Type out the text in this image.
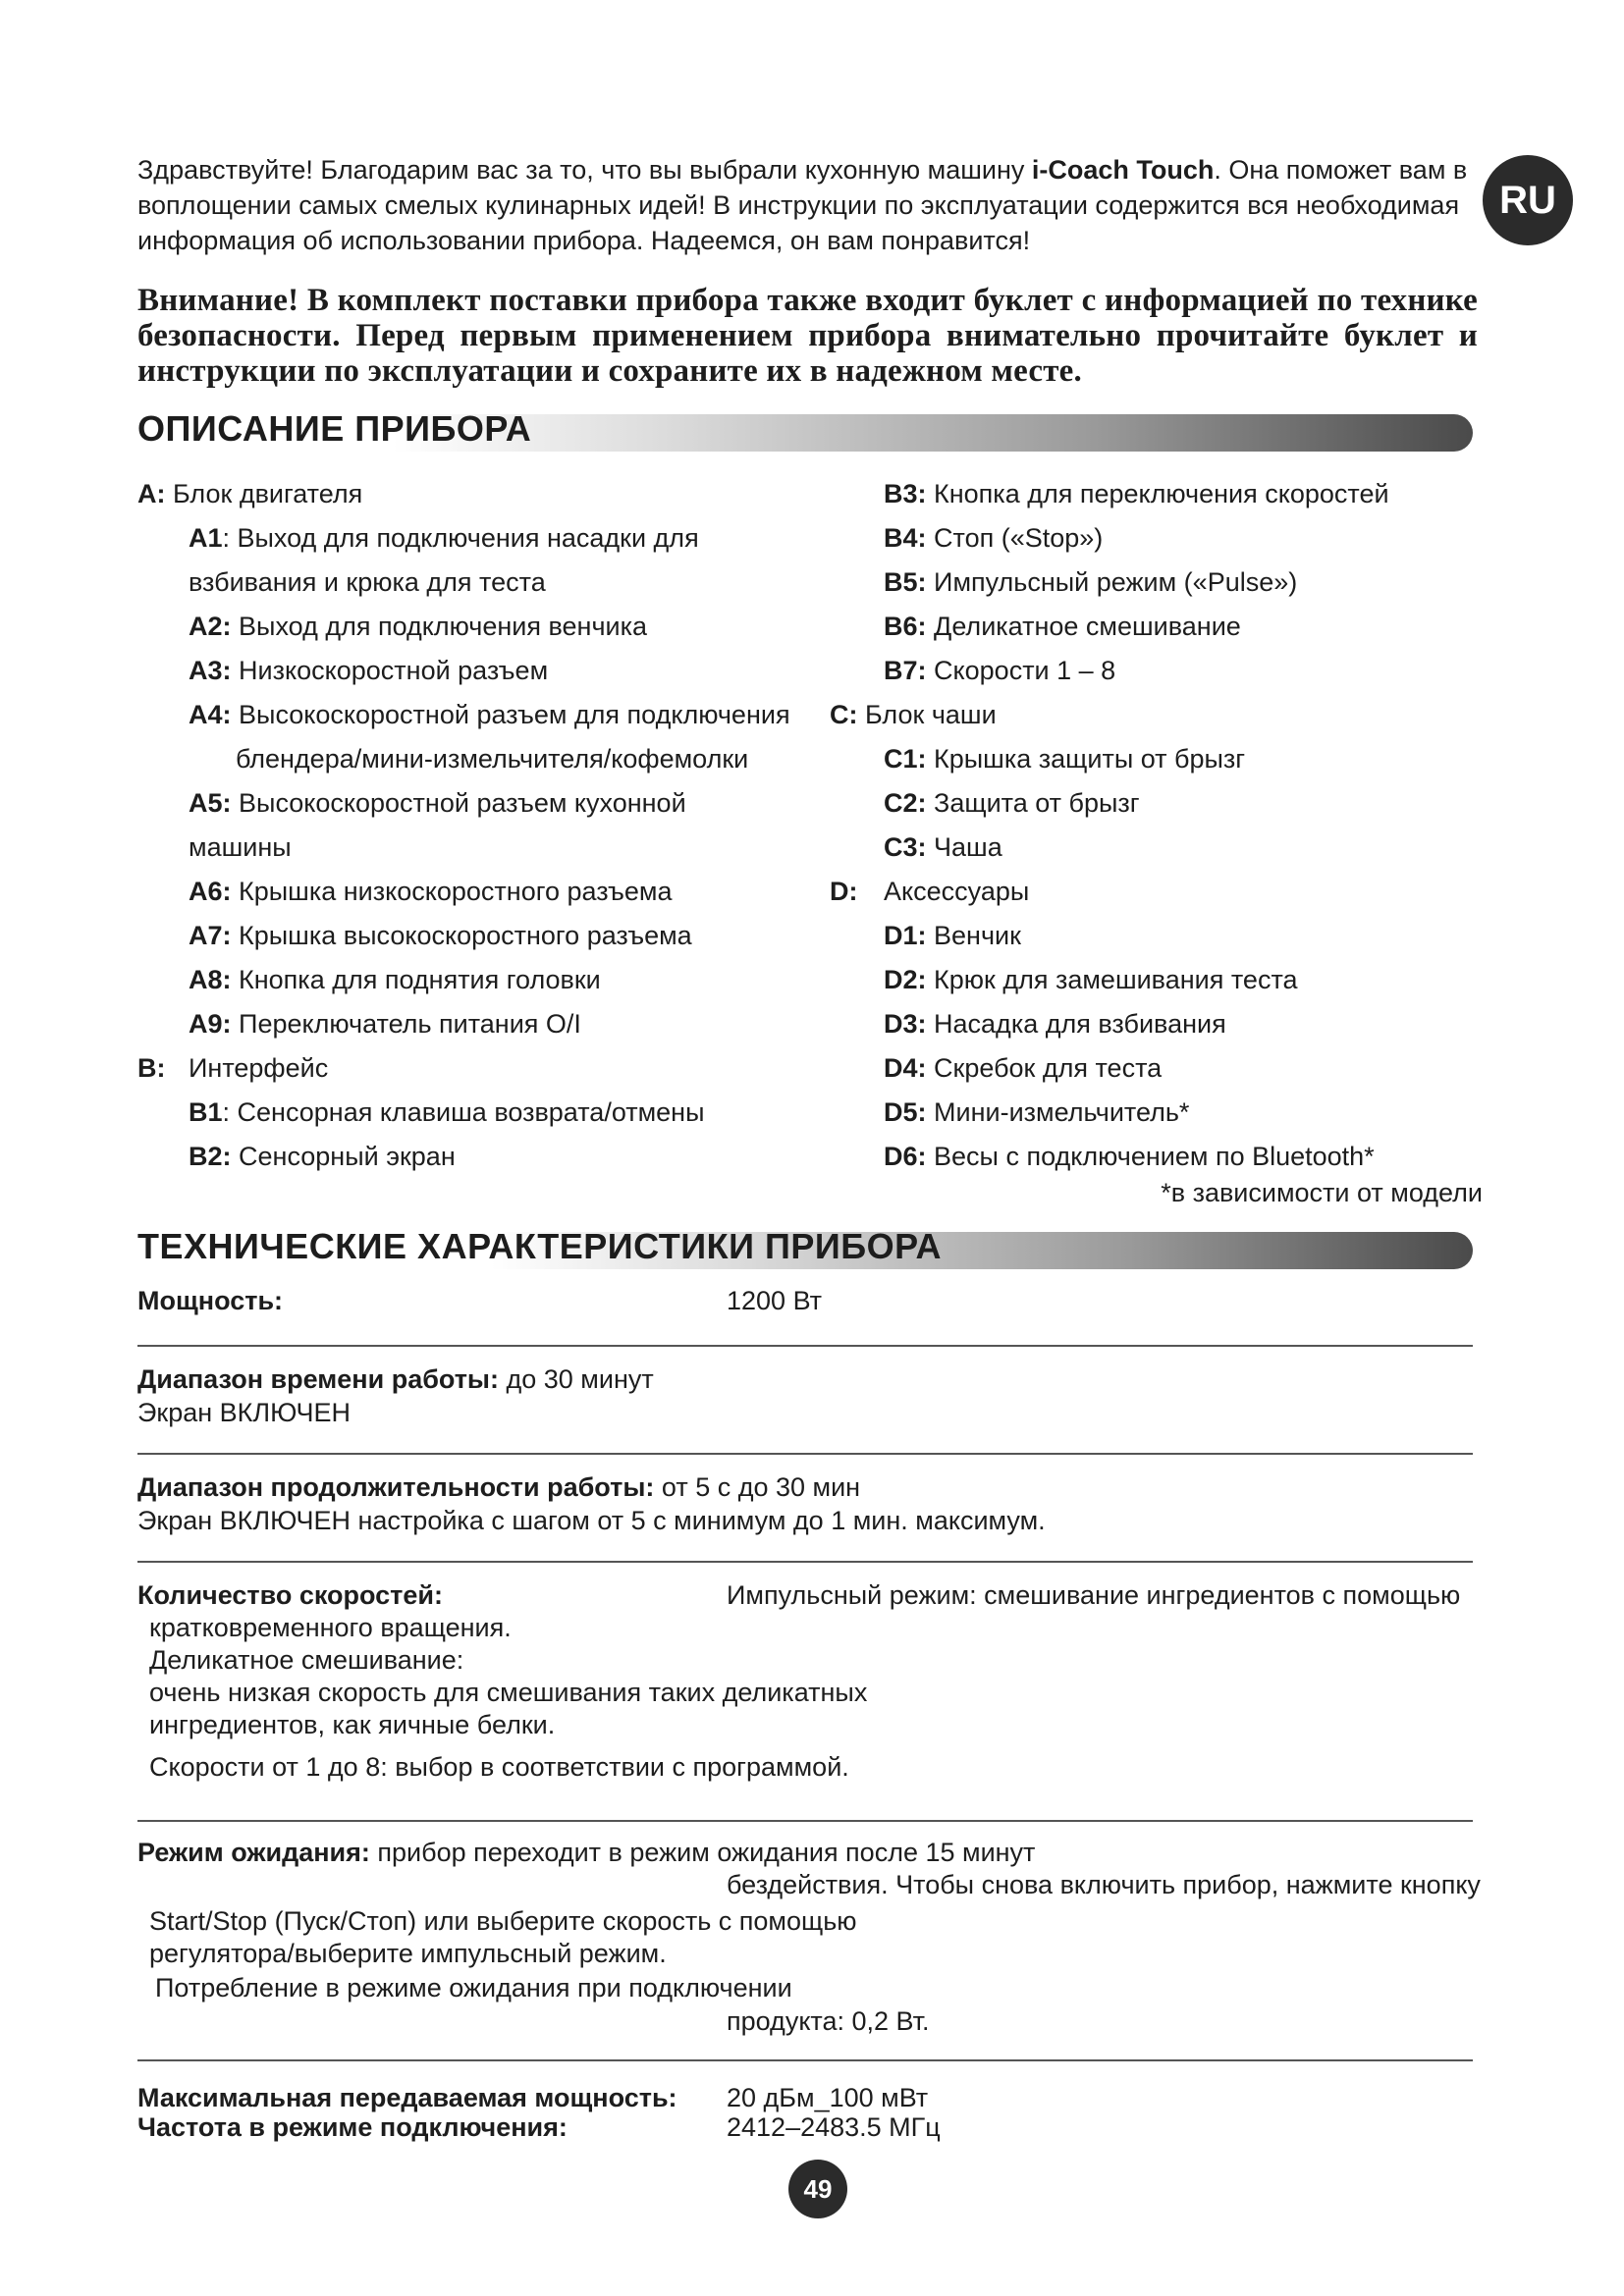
RU
Здравствуйте! Благодарим вас за то, что вы выбрали кухонную машину i-Coach Touch. Она поможет вам в воплощении самых смелых кулинарных идей! В инструкции по эксплуатации содержится вся необходимая информация об использовании прибора. Надеемся, он вам понравится!
Внимание! В комплект поставки прибора также входит буклет с информацией по технике безопасности. Перед первым применением прибора внимательно прочитайте буклет и инструкции по эксплуатации и сохраните их в надежном месте.
ОПИСАНИЕ ПРИБОРА
A: Блок двигателя
A1: Выход для подключения насадки для
взбивания и крюка для теста
A2: Выход для подключения венчика
A3: Низкоскоростной разъем
A4: Высокоскоростной разъем для подключения
блендера/мини-измельчителя/кофемолки
A5: Высокоскоростной разъем кухонной
машины
A6: Крышка низкоскоростного разъема
A7: Крышка высокоскоростного разъема
A8: Кнопка для поднятия головки
A9: Переключатель питания O/I
B: Интерфейс
B1: Сенсорная клавиша возврата/отмены
B2: Сенсорный экран
B3: Кнопка для переключения скоростей
B4: Стоп («Stop»)
B5: Импульсный режим («Pulse»)
B6: Деликатное смешивание
B7: Скорости 1 – 8
C: Блок чаши
C1: Крышка защиты от брызг
C2: Защита от брызг
C3: Чаша
D: Аксессуары
D1: Венчик
D2: Крюк для замешивания теста
D3: Насадка для взбивания
D4: Скребок для теста
D5: Мини-измельчитель*
D6: Весы с подключением по Bluetooth*
*в зависимости от модели
ТЕХНИЧЕСКИЕ ХАРАКТЕРИСТИКИ ПРИБОРА
Мощность:	1200 Вт
Диапазон времени работы: до 30 минут
Экран ВКЛЮЧЕН
Диапазон продолжительности работы: от 5 с до 30 мин
Экран ВКЛЮЧЕН настройка с шагом от 5 с минимум до 1 мин. максимум.
Количество скоростей:	Импульсный режим: смешивание ингредиентов с помощью
кратковременного вращения.
Деликатное смешивание:
очень низкая скорость для смешивания таких деликатных
ингредиентов, как яичные белки.
Скорости от 1 до 8: выбор в соответствии с программой.
Режим ожидания: прибор переходит в режим ожидания после 15 минут
бездействия. Чтобы снова включить прибор, нажмите кнопку
Start/Stop (Пуск/Стоп) или выберите скорость с помощью
регулятора/выберите импульсный режим.
Потребление в режиме ожидания при подключении
продукта: 0,2 Вт.
Максимальная передаваемая мощность: 20 дБм_100 мВт
Частота в режиме подключения:	2412–2483.5 МГц
49
